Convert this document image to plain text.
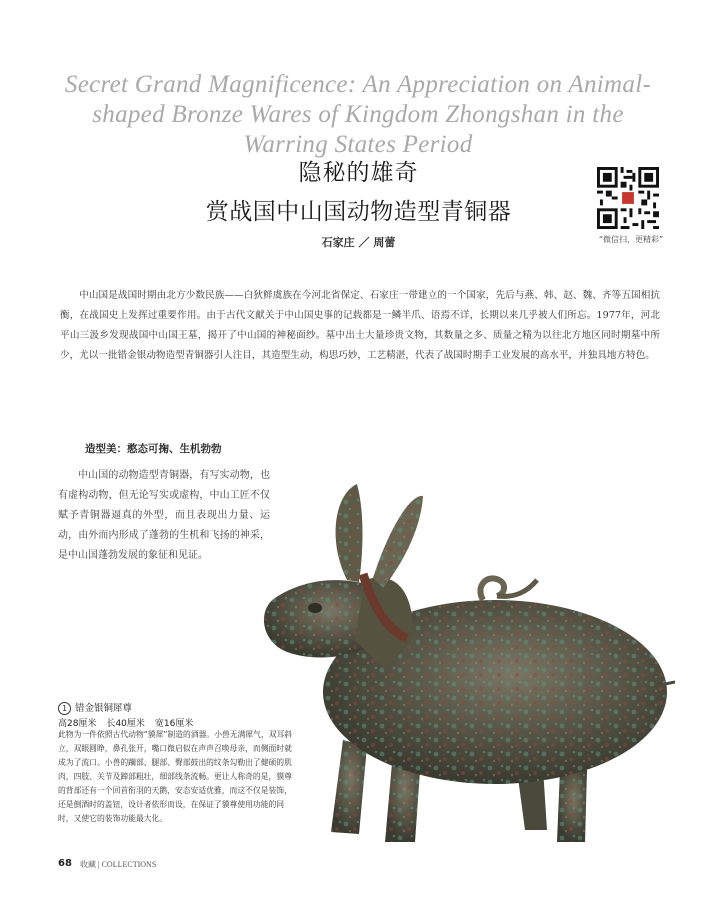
Secret Grand Magnificence: An Appreciation on Animal-shaped Bronze Wares of Kingdom Zhongshan in the Warring States Period
隐秘的雄奇
赏战国中山国动物造型青铜器
石家庄 ／ 周蕾	“微信扫，更精彩”

中山国是战国时期由北方少数民族——白狄鲜虞族在今河北省保定、石家庄一带建立的一个国家，先后与燕、韩、赵、魏、齐等五国相抗衡，在战国史上发挥过重要作用。由于古代文献关于中山国史事的记载都是一鳞半爪、语焉不详，长期以来几乎被人们所忘。1977年，河北平山三汲乡发现战国中山国王墓，揭开了中山国的神秘面纱。墓中出土大量珍贵文物，其数量之多、质量之精为以往北方地区同时期墓中所少，尤以一批错金银动物造型青铜器引人注目，其造型生动，构思巧妙，工艺精湛，代表了战国时期手工业发展的高水平，并独具地方特色。

造型美：憨态可掬、生机勃勃

中山国的动物造型青铜器，有写实动物，也有虚构动物，但无论写实或虚构，中山工匠不仅赋予青铜器逼真的外型，而且表现出力量、运动，由外而内形成了蓬勃的生机和飞扬的神采，是中山国蓬勃发展的象征和见证。

1 错金银铜犀尊
高28厘米 长40厘米 宽16厘米

此物为一件依照古代动物“貘犀”制造的酒器。小兽无满犀气，双耳斜立，双眼圆睁，鼻孔张开，嘴口微启似在声声召唤母亲，而侧面时就成为了流口。小兽的躏部、腿部、臀部鼓出的纹条勾勒出了健硕的肌肉，四肢、关节及蹄部粗壮，细部线条流畅。更让人称奇的是，貘尊的背部还有一个回首衔羽的天鹅，安态安适优雅，而这不仅是装饰，还是倒酒时的盖钮，设计者依形而设，在保证了貘尊使用功能的同时，又使它的装饰功能最大化。

68 收藏 | COLLECTIONS
